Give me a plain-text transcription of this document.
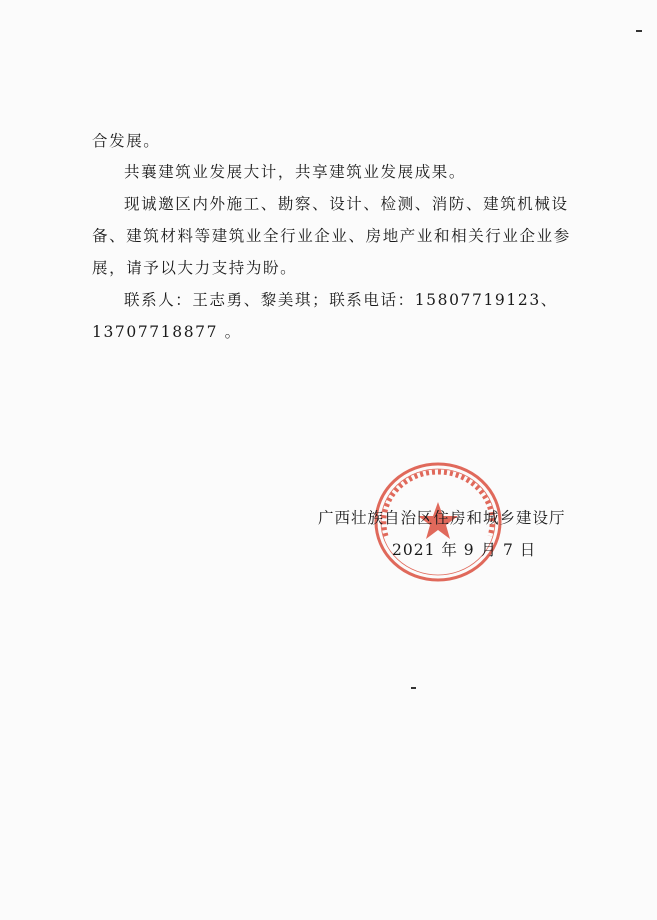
合发展。
共襄建筑业发展大计，共享建筑业发展成果。
现诚邀区内外施工、勘察、设计、检测、消防、建筑机械设
备、建筑材料等建筑业全行业企业、房地产业和相关行业企业参
展，请予以大力支持为盼。
联系人：王志勇、黎美琪；联系电话：15807719123、
13707718877 。
广西壮族自治区住房和城乡建设厅
2021 年 9 月 7 日
